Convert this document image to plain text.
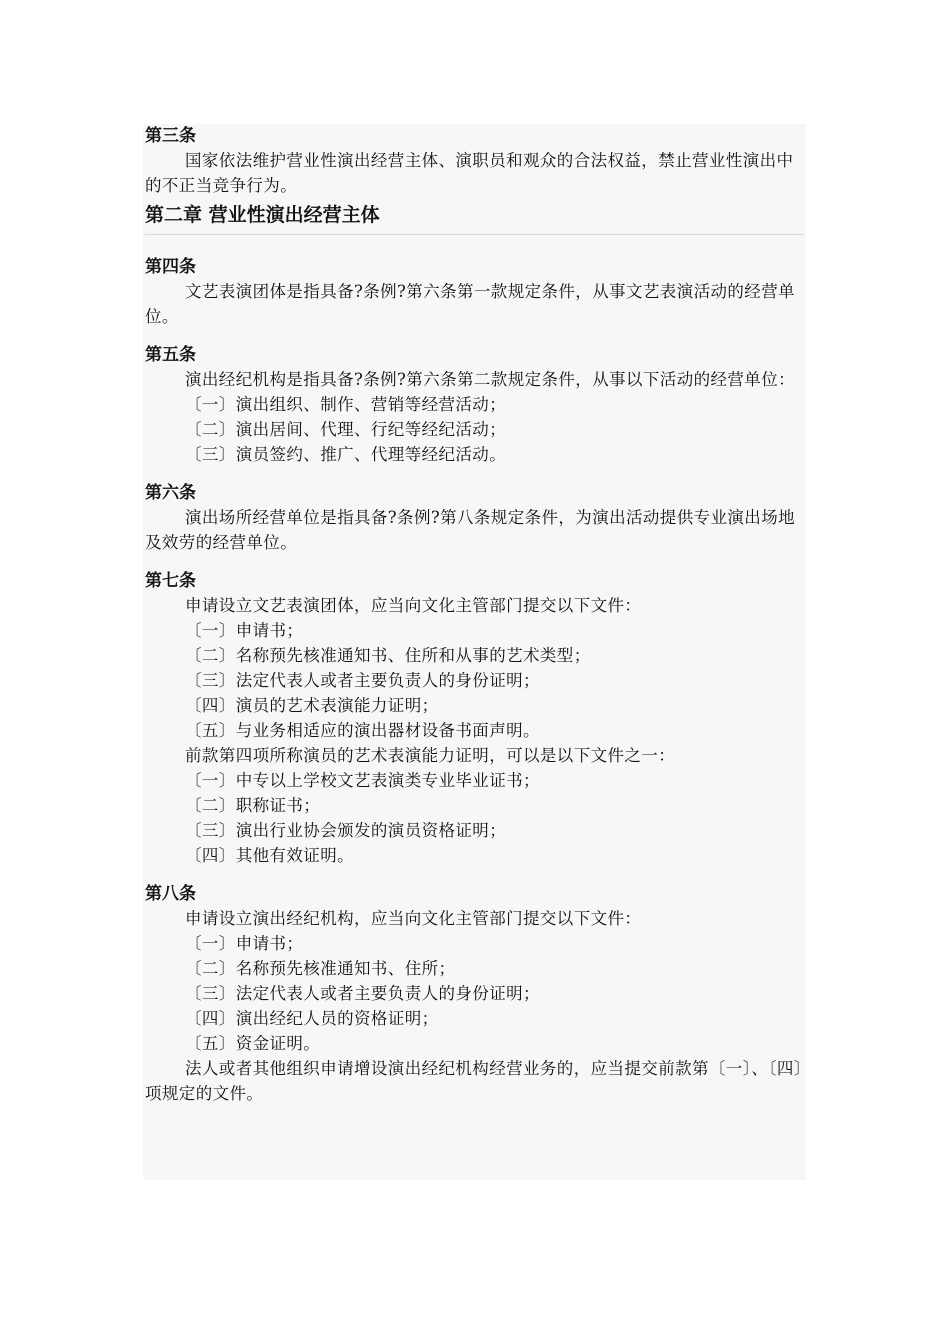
第三条

国家依法维护营业性演出经营主体、演职员和观众的合法权益，禁止营业性演出中的不正当竞争行为。

第二章 营业性演出经营主体
第四条

文艺表演团体是指具备?条例?第六条第一款规定条件，从事文艺表演活动的经营单位。

第五条

演出经纪机构是指具备?条例?第六条第二款规定条件，从事以下活动的经营单位：

〔一〕演出组织、制作、营销等经营活动；

〔二〕演出居间、代理、行纪等经纪活动；

〔三〕演员签约、推广、代理等经纪活动。

第六条

演出场所经营单位是指具备?条例?第八条规定条件，为演出活动提供专业演出场地及效劳的经营单位。

第七条

申请设立文艺表演团体，应当向文化主管部门提交以下文件：

〔一〕申请书；

〔二〕名称预先核准通知书、住所和从事的艺术类型；

〔三〕法定代表人或者主要负责人的身份证明；

〔四〕演员的艺术表演能力证明；

〔五〕与业务相适应的演出器材设备书面声明。

前款第四项所称演员的艺术表演能力证明，可以是以下文件之一：

〔一〕中专以上学校文艺表演类专业毕业证书；

〔二〕职称证书；

〔三〕演出行业协会颁发的演员资格证明；

〔四〕其他有效证明。

第八条

申请设立演出经纪机构，应当向文化主管部门提交以下文件：

〔一〕申请书；

〔二〕名称预先核准通知书、住所；

〔三〕法定代表人或者主要负责人的身份证明；

〔四〕演出经纪人员的资格证明；

〔五〕资金证明。

法人或者其他组织申请增设演出经纪机构经营业务的，应当提交前款第〔一〕、〔四〕项规定的文件。
